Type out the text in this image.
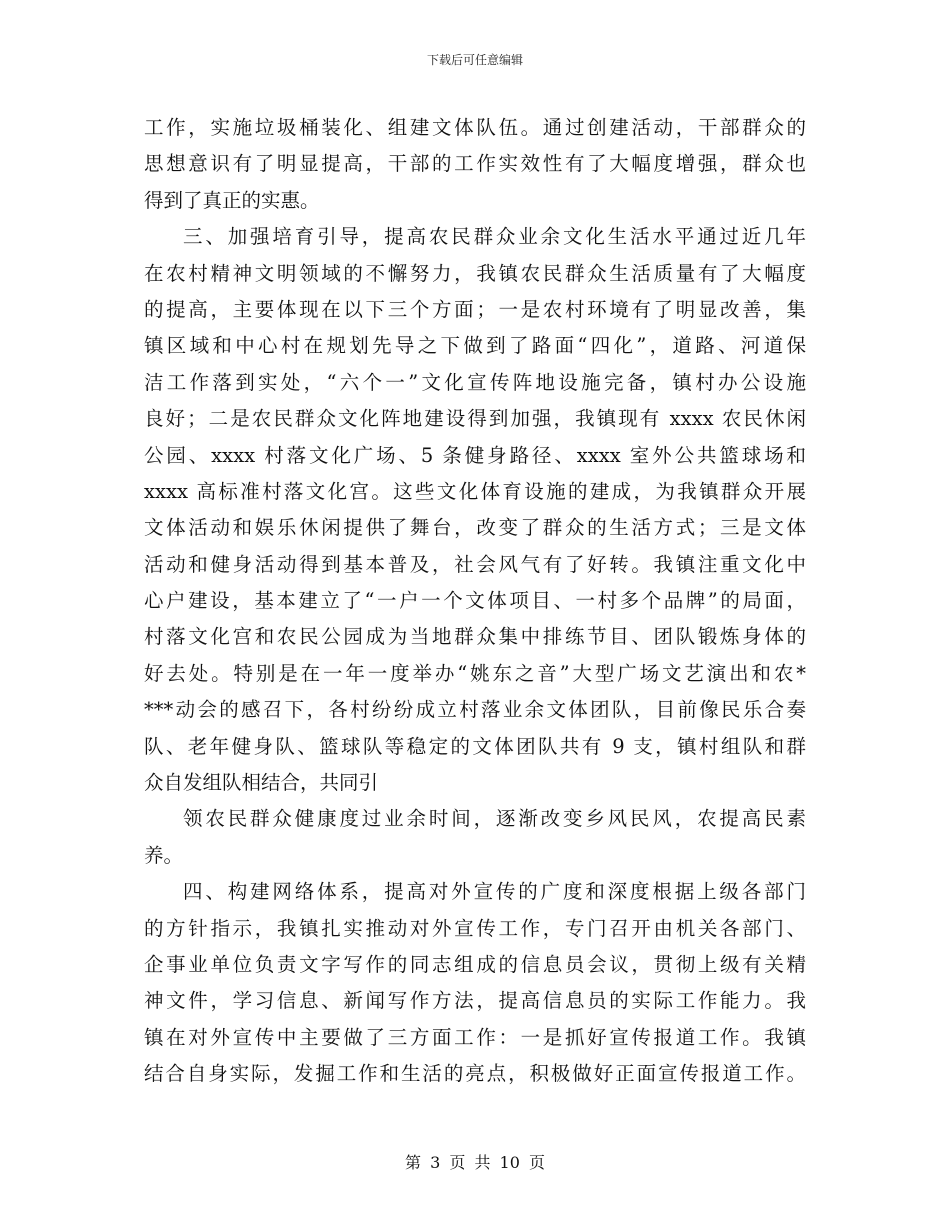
下载后可任意编辑
工作，实施垃圾桶装化、组建文体队伍。通过创建活动，干部群众的
思想意识有了明显提高，干部的工作实效性有了大幅度增强，群众也
得到了真正的实惠。
三、加强培育引导，提高农民群众业余文化生活水平通过近几年
在农村精神文明领域的不懈努力，我镇农民群众生活质量有了大幅度
的提高，主要体现在以下三个方面；一是农村环境有了明显改善，集
镇区域和中心村在规划先导之下做到了路面“四化”，道路、河道保
洁工作落到实处，“六个一”文化宣传阵地设施完备，镇村办公设施
良好；二是农民群众文化阵地建设得到加强，我镇现有 xxxx 农民休闲
公园、xxxx 村落文化广场、5 条健身路径、xxxx 室外公共篮球场和
xxxx 高标准村落文化宫。这些文化体育设施的建成，为我镇群众开展
文体活动和娱乐休闲提供了舞台，改变了群众的生活方式；三是文体
活动和健身活动得到基本普及，社会风气有了好转。我镇注重文化中
心户建设，基本建立了“一户一个文体项目、一村多个品牌”的局面，
村落文化宫和农民公园成为当地群众集中排练节目、团队锻炼身体的
好去处。特别是在一年一度举办“姚东之音”大型广场文艺演出和农*
***动会的感召下，各村纷纷成立村落业余文体团队，目前像民乐合奏
队、老年健身队、篮球队等稳定的文体团队共有 9 支，镇村组队和群
众自发组队相结合，共同引
领农民群众健康度过业余时间，逐渐改变乡风民风，农提高民素
养。
四、构建网络体系，提高对外宣传的广度和深度根据上级各部门
的方针指示，我镇扎实推动对外宣传工作，专门召开由机关各部门、
企事业单位负责文字写作的同志组成的信息员会议，贯彻上级有关精
神文件，学习信息、新闻写作方法，提高信息员的实际工作能力。我
镇在对外宣传中主要做了三方面工作：一是抓好宣传报道工作。我镇
结合自身实际，发掘工作和生活的亮点，积极做好正面宣传报道工作。
第 3 页 共 10 页
